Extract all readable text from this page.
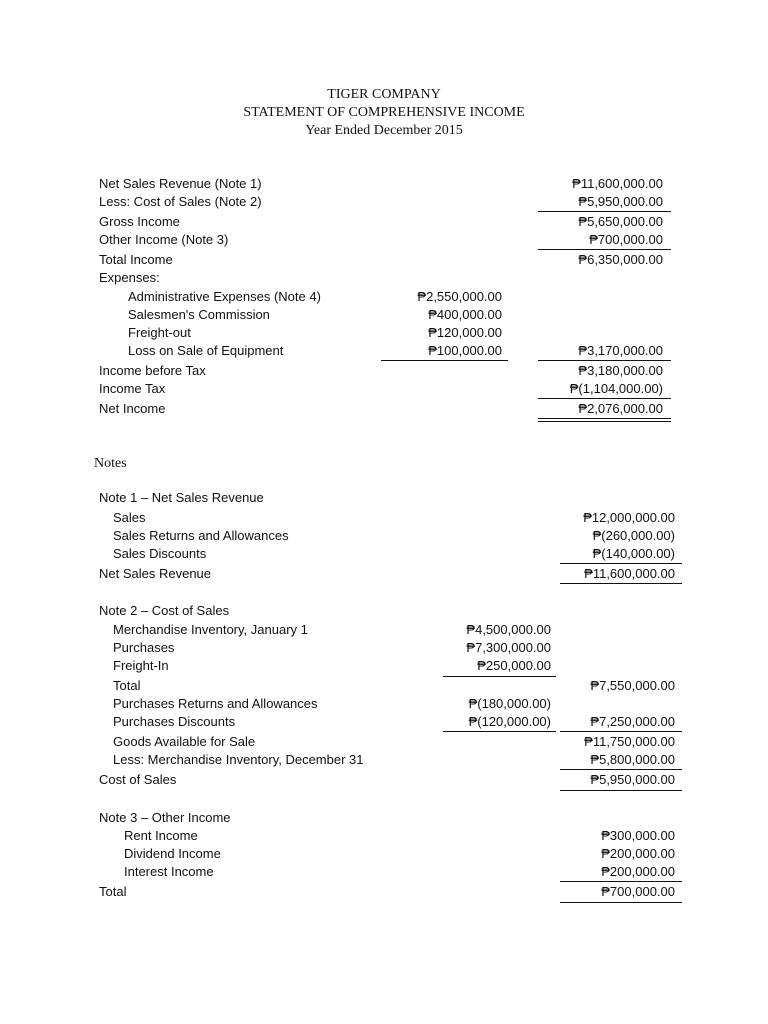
TIGER COMPANY
STATEMENT OF COMPREHENSIVE INCOME
Year Ended December 2015
Net Sales Revenue (Note 1)	₱11,600,000.00
Less: Cost of Sales (Note 2)	₱5,950,000.00
Gross Income	₱5,650,000.00
Other Income (Note 3)	₱700,000.00
Total Income	₱6,350,000.00
Expenses:
Administrative Expenses (Note 4)	₱2,550,000.00
Salesmen's Commission	₱400,000.00
Freight-out	₱120,000.00
Loss on Sale of Equipment	₱100,000.00	₱3,170,000.00
Income before Tax	₱3,180,000.00
Income Tax	₱(1,104,000.00)
Net Income	₱2,076,000.00
Notes
Note 1 – Net Sales Revenue
Sales	₱12,000,000.00
Sales Returns and Allowances	₱(260,000.00)
Sales Discounts	₱(140,000.00)
Net Sales Revenue	₱11,600,000.00
Note 2 – Cost of Sales
Merchandise Inventory, January 1	₱4,500,000.00
Purchases	₱7,300,000.00
Freight-In	₱250,000.00
Total	₱7,550,000.00
Purchases Returns and Allowances	₱(180,000.00)
Purchases Discounts	₱(120,000.00)	₱7,250,000.00
Goods Available for Sale	₱11,750,000.00
Less: Merchandise Inventory, December 31	₱5,800,000.00
Cost of Sales	₱5,950,000.00
Note 3 – Other Income
Rent Income	₱300,000.00
Dividend Income	₱200,000.00
Interest Income	₱200,000.00
Total	₱700,000.00
